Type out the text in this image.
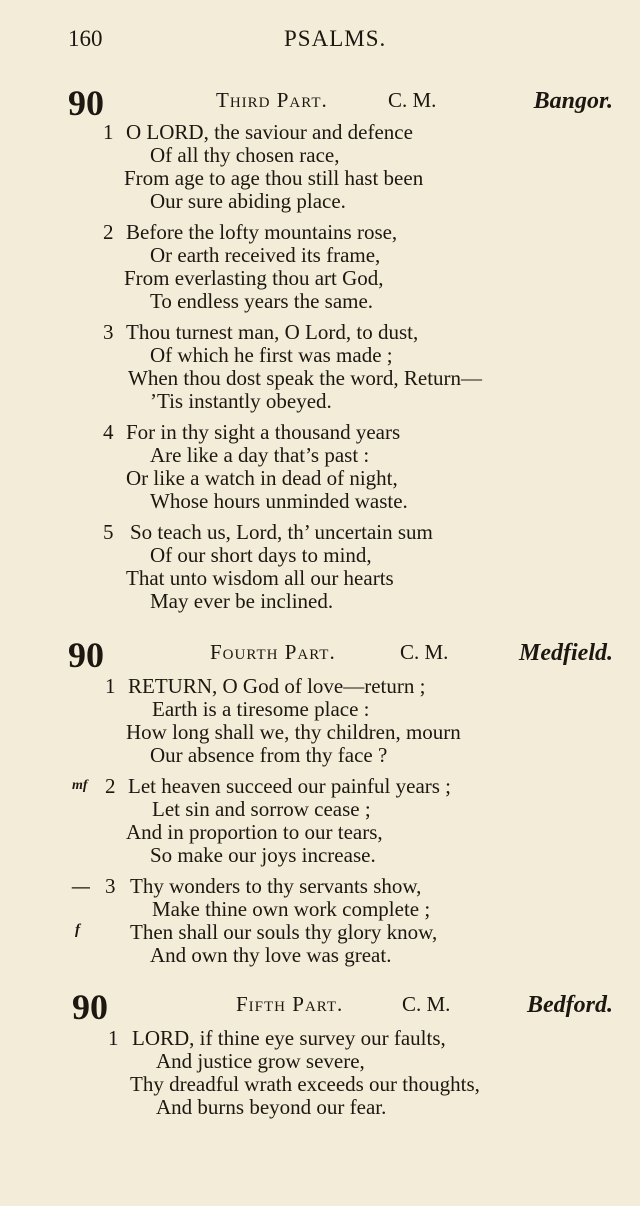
160	PSALMS.
90	Third Part.	C. M.	Bangor.
1 O LORD, the saviour and defence
Of all thy chosen race,
From age to age thou still hast been
Our sure abiding place.
2 Before the lofty mountains rose,
Or earth received its frame,
From everlasting thou art God,
To endless years the same.
3 Thou turnest man, O Lord, to dust,
Of which he first was made ;
When thou dost speak the word, Return—
’Tis instantly obeyed.
4 For in thy sight a thousand years
Are like a day that’s past :
Or like a watch in dead of night,
Whose hours unminded waste.
5 So teach us, Lord, th’ uncertain sum
Of our short days to mind,
That unto wisdom all our hearts
May ever be inclined.
90	Fourth Part.	C. M.	Medfield.
1 RETURN, O God of love—return ;
Earth is a tiresome place :
How long shall we, thy children, mourn
Our absence from thy face ?
mf 2 Let heaven succeed our painful years ;
Let sin and sorrow cease ;
And in proportion to our tears,
So make our joys increase.
— 3 Thy wonders to thy servants show,
Make thine own work complete ;
f Then shall our souls thy glory know,
And own thy love was great.
90	Fifth Part.	C. M.	Bedford.
1 LORD, if thine eye survey our faults,
And justice grow severe,
Thy dreadful wrath exceeds our thoughts,
And burns beyond our fear.
